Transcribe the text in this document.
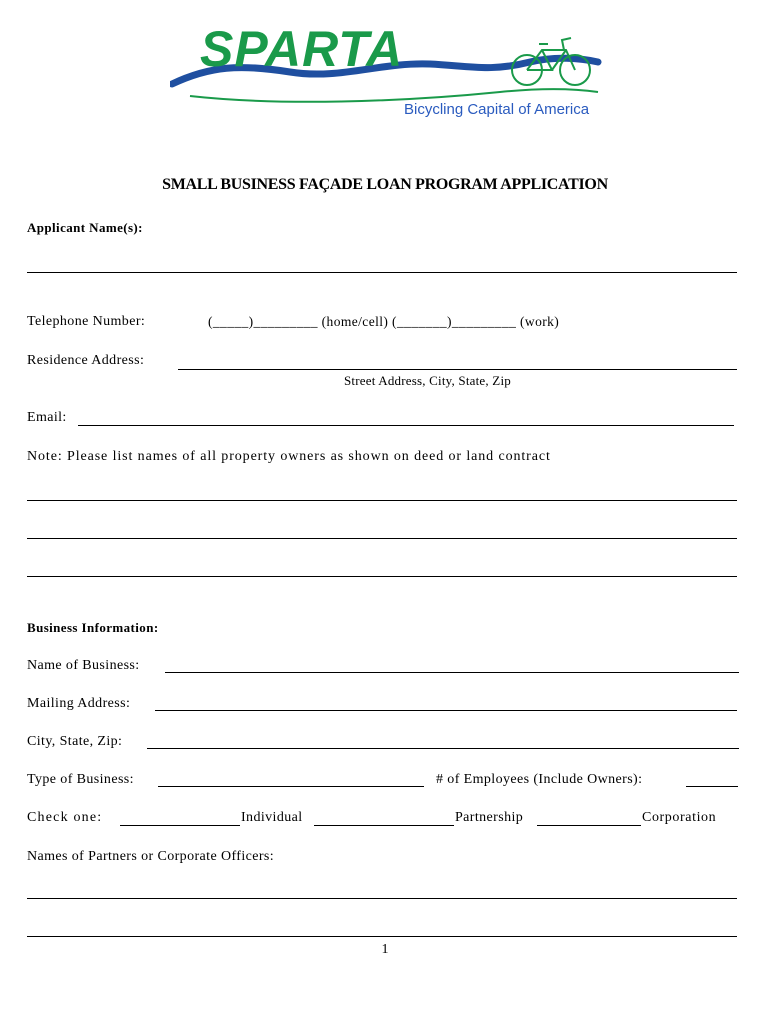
SPARTA
Bicycling Capital of America
SMALL BUSINESS FAÇADE LOAN PROGRAM APPLICATION
Applicant Name(s):
Telephone Number:	(_____)_________ (home/cell) (_______)_________ (work)
Residence Address:
Street Address, City, State, Zip
Email:
Note: Please list names of all property owners as shown on deed or land contract
Business Information:
Name of Business:
Mailing Address:
City, State, Zip:
Type of Business:	# of Employees (Include Owners):
Check one:	Individual	Partnership	Corporation
Names of Partners or Corporate Officers:
1
